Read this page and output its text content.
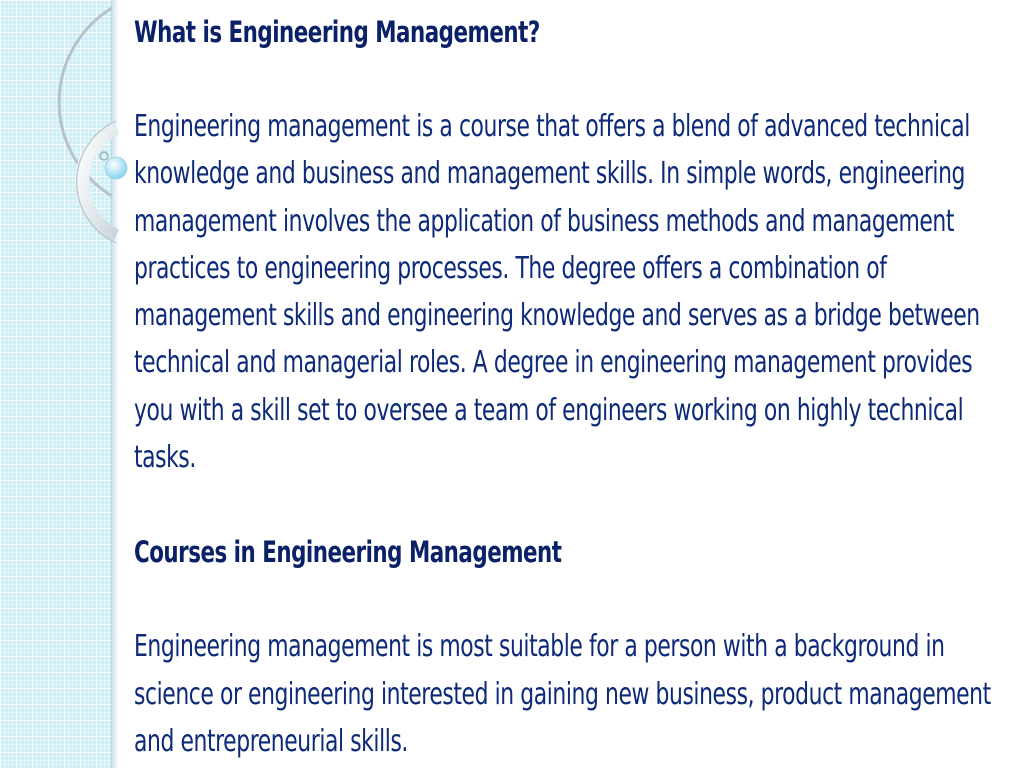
What is Engineering Management?

Engineering management is a course that offers a blend of advanced technical knowledge and business and management skills. In simple words, engineering management involves the application of business methods and management practices to engineering processes. The degree offers a combination of management skills and engineering knowledge and serves as a bridge between technical and managerial roles. A degree in engineering management provides you with a skill set to oversee a team of engineers working on highly technical tasks.

Courses in Engineering Management

Engineering management is most suitable for a person with a background in science or engineering interested in gaining new business, product management and entrepreneurial skills.
